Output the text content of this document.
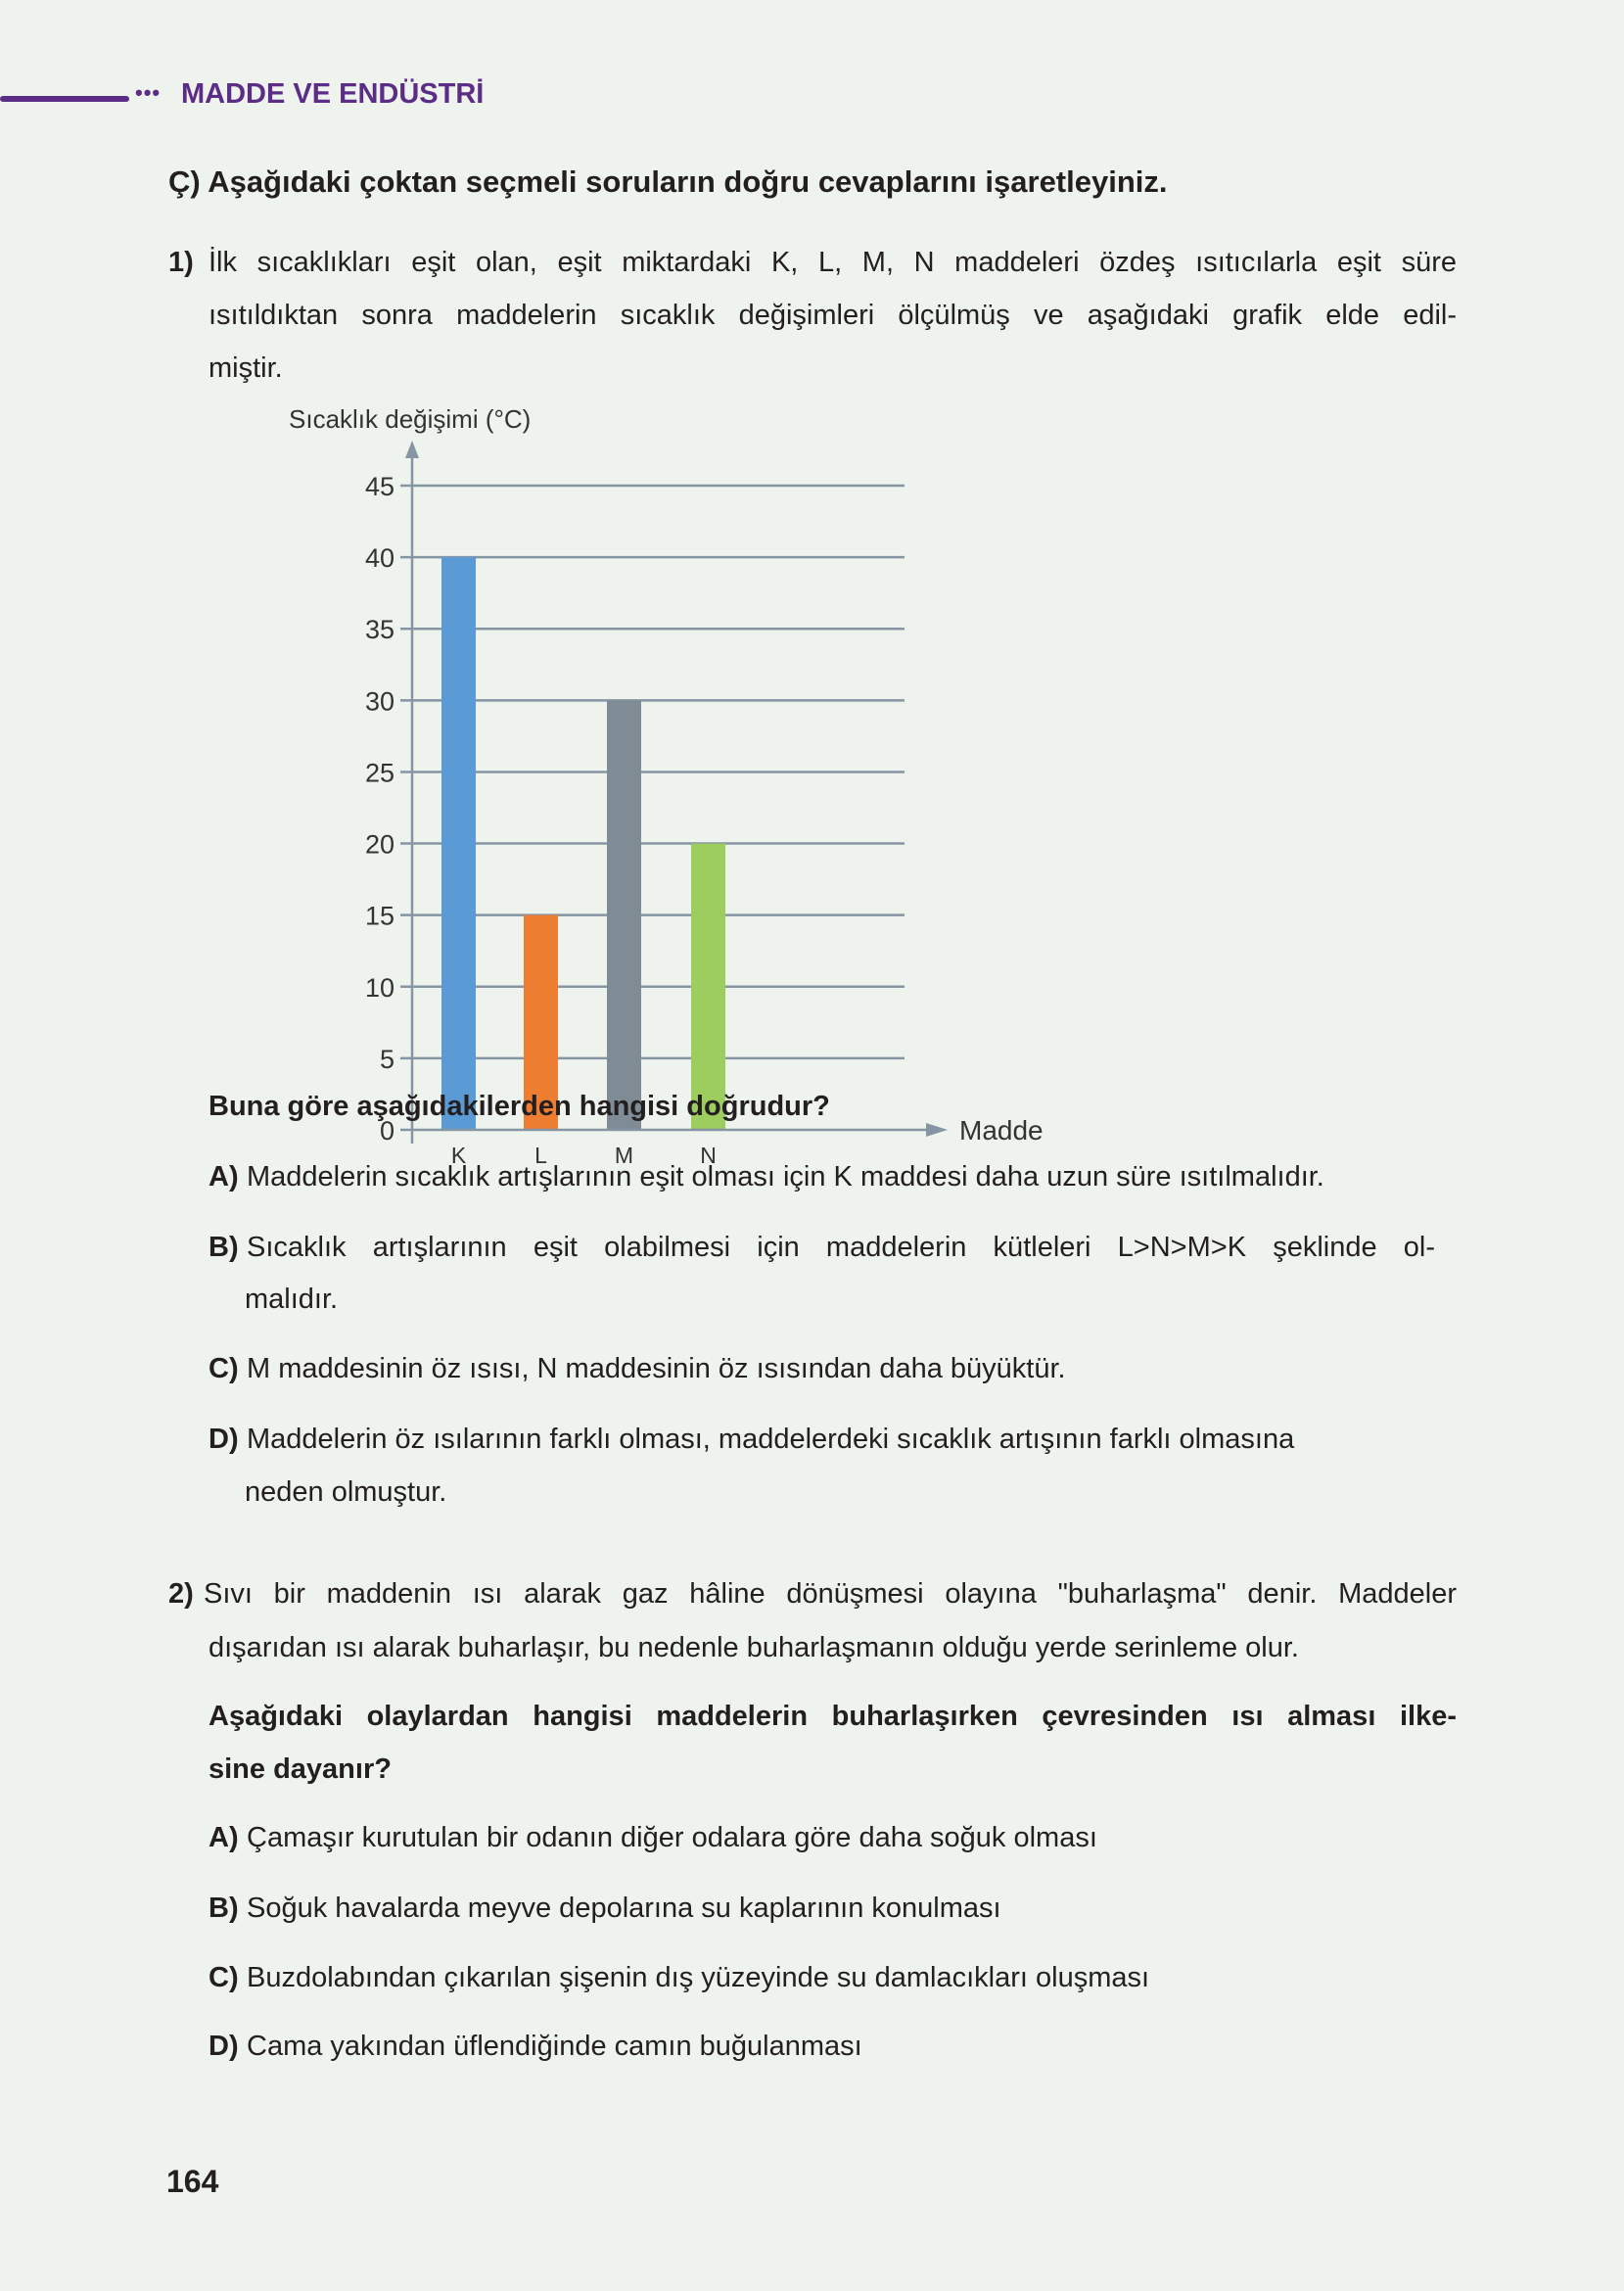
••• MADDE VE ENDÜSTRİ
Ç) Aşağıdaki çoktan seçmeli soruların doğru cevaplarını işaretleyiniz.
1) İlk sıcaklıkları eşit olan, eşit miktardaki K, L, M, N maddeleri özdeş ısıtıcılarla eşit süre
ısıtıldıktan sonra maddelerin sıcaklık değişimleri ölçülmüş ve aşağıdaki grafik elde edil-
miştir.
0
5
10
15
20
25
30
35
40
45
K	L	M	N
Madde
Sıcaklık değişimi (°C)
Buna göre aşağıdakilerden hangisi doğrudur?
A) Maddelerin sıcaklık artışlarının eşit olması için K maddesi daha uzun süre ısıtılmalıdır.
B) Sıcaklık artışlarının eşit olabilmesi için maddelerin kütleleri L>N>M>K şeklinde ol-
malıdır.
C) M maddesinin öz ısısı, N maddesinin öz ısısından daha büyüktür.
D) Maddelerin öz ısılarının farklı olması, maddelerdeki sıcaklık artışının farklı olmasına
neden olmuştur.
2) Sıvı bir maddenin ısı alarak gaz hâline dönüşmesi olayına "buharlaşma" denir. Maddeler
dışarıdan ısı alarak buharlaşır, bu nedenle buharlaşmanın olduğu yerde serinleme olur.
Aşağıdaki olaylardan hangisi maddelerin buharlaşırken çevresinden ısı alması ilke-
sine dayanır?
A) Çamaşır kurutulan bir odanın diğer odalara göre daha soğuk olması
B) Soğuk havalarda meyve depolarına su kaplarının konulması
C) Buzdolabından çıkarılan şişenin dış yüzeyinde su damlacıkları oluşması
D) Cama yakından üflendiğinde camın buğulanması
164
